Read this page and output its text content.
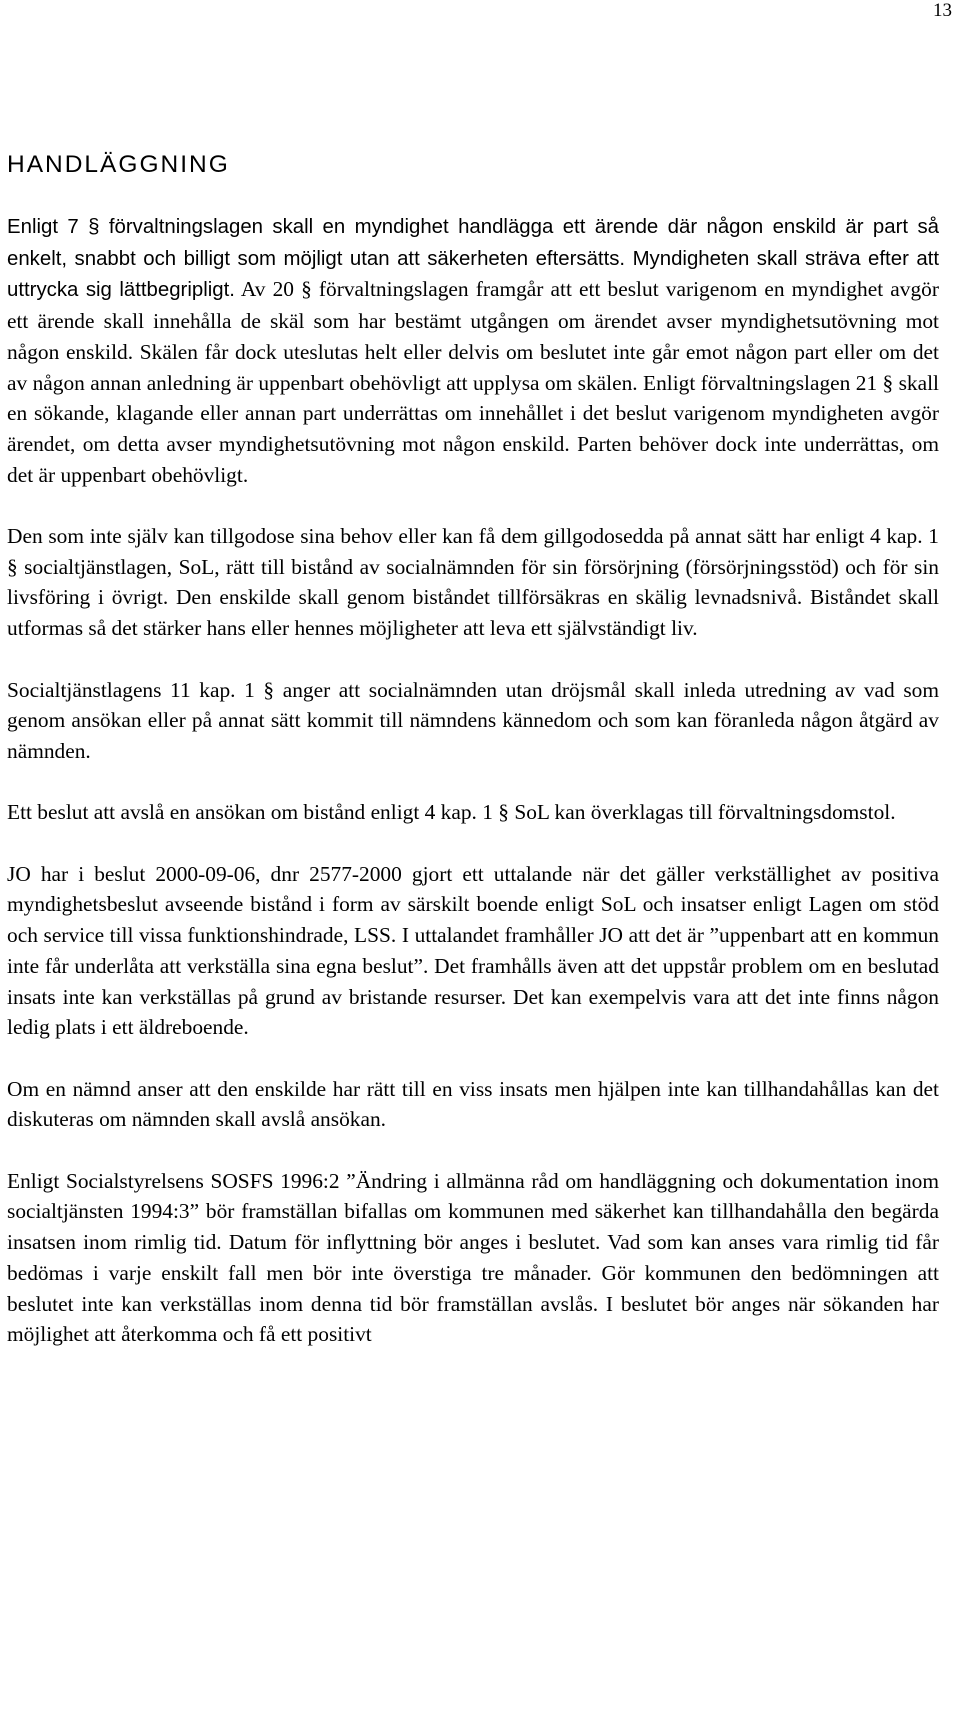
13
HANDLÄGGNING

Enligt 7 § förvaltningslagen skall en myndighet handlägga ett ärende där någon enskild är part så enkelt, snabbt och billigt som möjligt utan att säkerheten eftersätts. Myndigheten skall sträva efter att uttrycka sig lättbegripligt. Av 20 § förvaltningslagen framgår att ett beslut varigenom en myndighet avgör ett ärende skall innehålla de skäl som har bestämt utgången om ärendet avser myndighetsutövning mot någon enskild. Skälen får dock uteslutas helt eller delvis om beslutet inte går emot någon part eller om det av någon annan anledning är uppenbart obehövligt att upplysa om skälen. Enligt förvaltningslagen 21 § skall en sökande, klagande eller annan part underrättas om innehållet i det beslut varigenom myndigheten avgör ärendet, om detta avser myndighetsutövning mot någon enskild. Parten behöver dock inte underrättas, om det är uppenbart obehövligt.

Den som inte själv kan tillgodose sina behov eller kan få dem gillgodosedda på annat sätt har enligt 4 kap. 1 § socialtjänstlagen, SoL, rätt till bistånd av socialnämnden för sin försörjning (försörjningsstöd) och för sin livsföring i övrigt. Den enskilde skall genom biståndet tillförsäkras en skälig levnadsnivå. Biståndet skall utformas så det stärker hans eller hennes möjligheter att leva ett självständigt liv.

Socialtjänstlagens 11 kap. 1 § anger att socialnämnden utan dröjsmål skall inleda utredning av vad som genom ansökan eller på annat sätt kommit till nämndens kännedom och som kan föranleda någon åtgärd av nämnden.

Ett beslut att avslå en ansökan om bistånd enligt 4 kap. 1 § SoL kan överklagas till förvaltningsdomstol.

JO har i beslut 2000-09-06, dnr 2577-2000 gjort ett uttalande när det gäller verkställighet av positiva myndighetsbeslut avseende bistånd i form av särskilt boende enligt SoL och insatser enligt Lagen om stöd och service till vissa funktionshindrade, LSS. I uttalandet framhåller JO att det är ”uppenbart att en kommun inte får underlåta att verkställa sina egna beslut”. Det framhålls även att det uppstår problem om en beslutad insats inte kan verkställas på grund av bristande resurser. Det kan exempelvis vara att det inte finns någon ledig plats i ett äldreboende.

Om en nämnd anser att den enskilde har rätt till en viss insats men hjälpen inte kan tillhandahållas kan det diskuteras om nämnden skall avslå ansökan.

Enligt Socialstyrelsens SOSFS 1996:2 ”Ändring i allmänna råd om handläggning och dokumentation inom socialtjänsten 1994:3” bör framställan bifallas om kommunen med säkerhet kan tillhandahålla den begärda insatsen inom rimlig tid. Datum för inflyttning bör anges i beslutet. Vad som kan anses vara rimlig tid får bedömas i varje enskilt fall men bör inte överstiga tre månader. Gör kommunen den bedömningen att beslutet inte kan verkställas inom denna tid bör framställan avslås. I beslutet bör anges när sökanden har möjlighet att återkomma och få ett positivt
